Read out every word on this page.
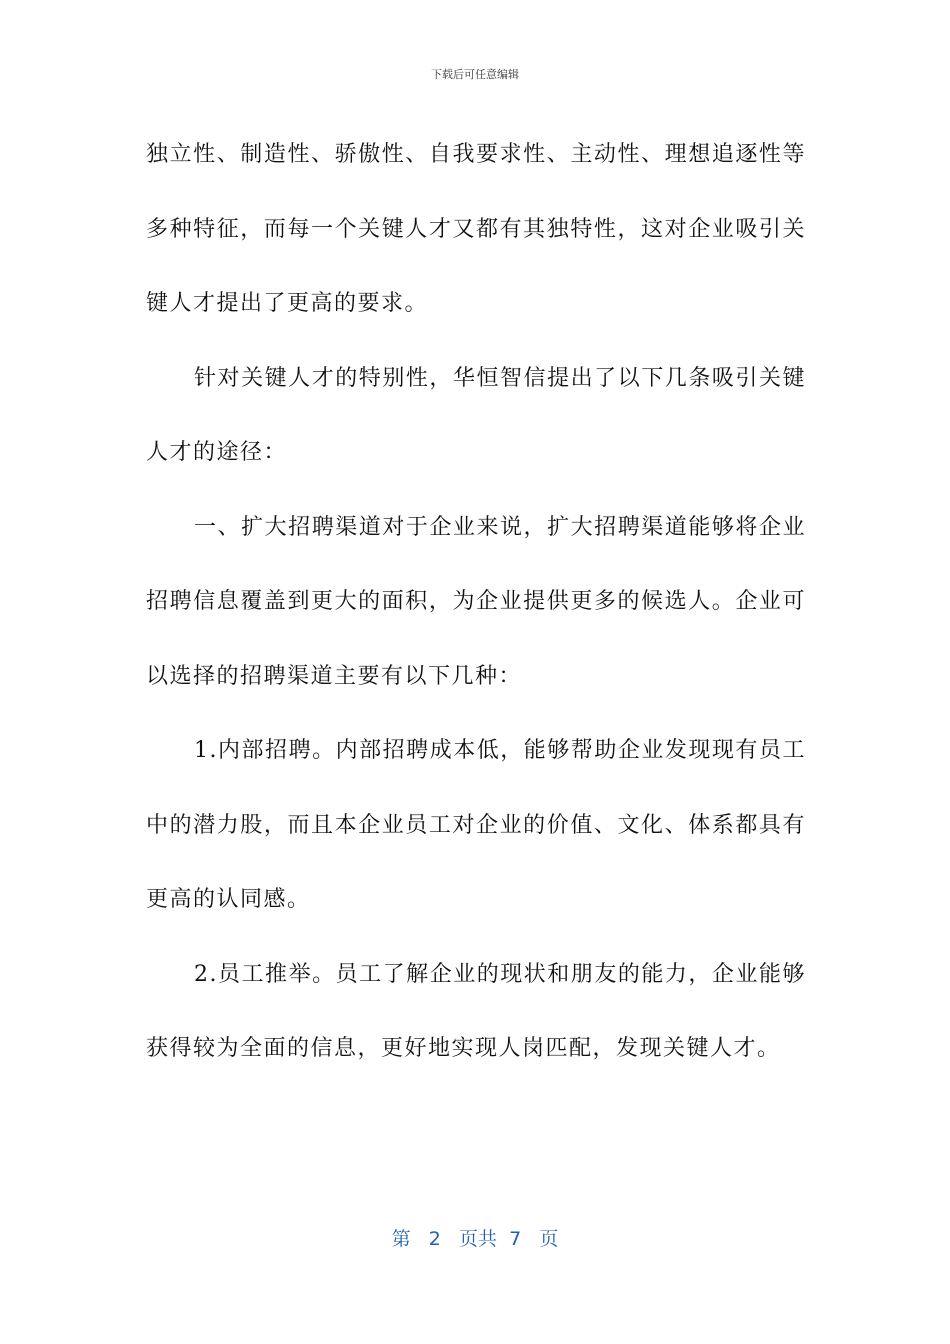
下载后可任意编辑

独立性、制造性、骄傲性、自我要求性、主动性、理想追逐性等多种特征，而每一个关键人才又都有其独特性，这对企业吸引关键人才提出了更高的要求。

针对关键人才的特别性，华恒智信提出了以下几条吸引关键人才的途径：

一、扩大招聘渠道对于企业来说，扩大招聘渠道能够将企业招聘信息覆盖到更大的面积，为企业提供更多的候选人。企业可以选择的招聘渠道主要有以下几种：

1.内部招聘。内部招聘成本低，能够帮助企业发现现有员工中的潜力股，而且本企业员工对企业的价值、文化、体系都具有更高的认同感。

2.员工推举。员工了解企业的现状和朋友的能力，企业能够获得较为全面的信息，更好地实现人岗匹配，发现关键人才。

第 2 页共 7 页
